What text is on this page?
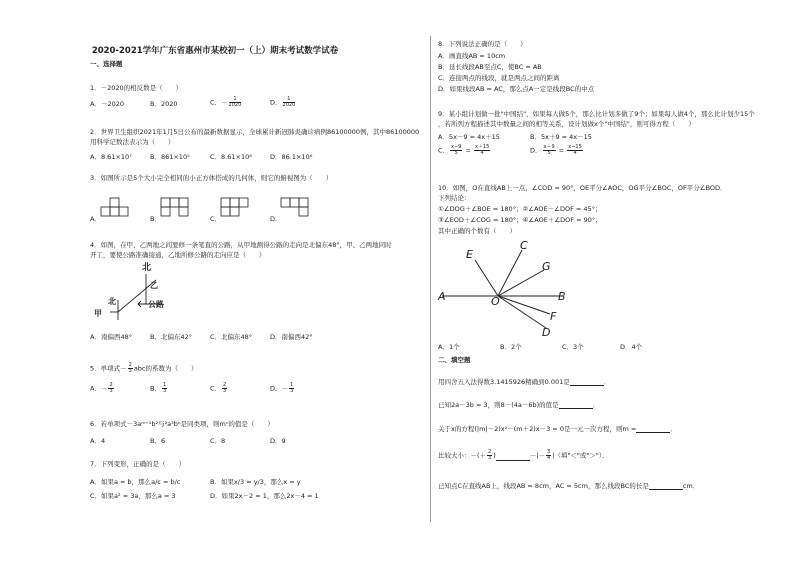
2020-2021学年广东省惠州市某校初一（上）期末考试数学试卷
一、选择题
1．－2020的相反数是（　　）
A．－2020	B．2020	C．－ $\frac{1}{2020}$	D． $\frac{1}{2020}$
2．世界卫生组织2021年1月5日公布的最新数据显示，全球累计新冠肺炎确诊病例86100000例，其中86100000
用科学记数法表示为（　　）
A．8.61×10⁷	B．861×10⁵	C．8.61×10⁸	D．86.1×10⁶
3．如图所示是5个大小完全相同的小正方体搭成的几何体，则它的俯视图为（　　）
A．	B．	C．	D．
4．如图，在甲、乙两地之间要修一条笔直的公路，从甲地测得公路的走向是北偏东48°，甲、乙两地同时
开工，要使公路准确接通，乙地所修公路的走向应是（　　）
北
乙
北	公路
甲
A．南偏西48°	B．北偏东42°	C．北偏东48°	D．南偏西42°
5．单项式－ $\frac{2}{3}$ abc的系数为（　　）
A．－ $\frac{2}{3}$	B． $\frac{1}{3}$	C． $\frac{2}{3}$	D．－ $\frac{1}{3}$
6．若单项式－3aᵐ⁺¹b²与²a³bⁿ是同类项，则mⁿ的值是（　　）
A．4	B．6	C．8	D．9
7．下列变形，正确的是（　　）
A．如果a = b，那么a/c = b/c	B．如果x/3 = y/3，那么x = y
C．如果a² = 3a，那么a = 3	D．如果2x－2 = 1，那么2x－4 = 1
8．下列说法正确的是（　　）
A．画直线AB = 10cm
B．延长线段AB至点C，使BC = AB
C．连接两点的线段，就是两点之间的距离
D．如果线段AB = AC，那么点A一定是线段BC的中点
9．某小组计划做一批"中国结"，如果每人做5个，那么比计划多做了9个；如果每人做4个，那么比计划少15个
，若所列方程描述其中数量之间的相等关系，设计划做x个"中国结"，则可得方程（　　）
A．5x－9 = 4x＋15	B．5x＋9 = 4x－15
C． $\frac{x-9}{5} = \frac{x+15}{4}$	D． $\frac{x+9}{5} = \frac{x-15}{4}$
10．如图，O在直线AB上一点，∠COD = 90°，OE平分∠AOC，OG平分∠BOC，OF平分∠BOD．
下列结论：
①∠DOG＋∠BOE = 180°；②∠AOE－∠DOF = 45°；
③∠EOD＋∠COG = 180°；④∠AOE＋∠DOF = 90°；
其中正确的个数有（　　）
A	O	B
E
C
G
F
D
A．1个	B．2个	C．3个	D．4个
二、填空题
用四舍五入法得数3.1415926精确到0.001是	．
已知2a－3b = 3，则8－(4a－6b)的值是	．
关于x的方程(|m|－2)x²－(m＋2)x－3 = 0是一元一次方程，则m =	．
比较大小：－(＋ $\frac{2}{3}$ )	－|－ $\frac{3}{4}$ |（填"＜"或"＞"）．
已知点C在直线AB上，线段AB = 8cm，AC = 5cm，那么线段BC的长是	cm．
